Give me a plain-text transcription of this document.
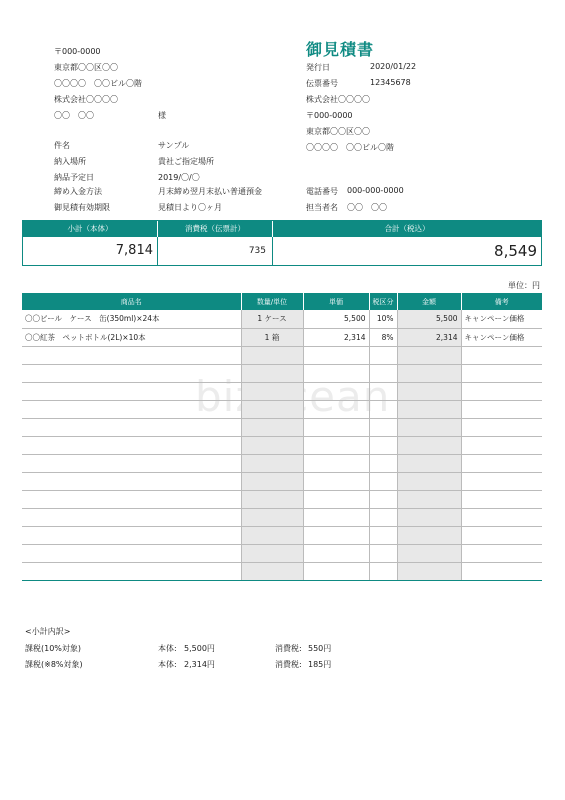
御見積書
〒000-0000
東京都〇〇区〇〇
〇〇〇〇　〇〇ビル〇階
株式会社〇〇〇〇
〇〇　〇〇	様
発行日	2020/01/22
伝票番号	12345678
株式会社〇〇〇〇
〒000-0000
東京都〇〇区〇〇
〇〇〇〇　〇〇ビル〇階
電話番号 000-000-0000
担当者名 〇〇　〇〇
件名	サンプル
納入場所	貴社ご指定場所
納品予定日	2019/〇/〇
締め入金方法	月末締め翌月末払い普通預金
御見積有効期限	見積日より〇ヶ月
小計（本体）	消費税（伝票計）	合計（税込）
7,814	735	8,549
単位：円
商品名	数量/単位	単価	税区分	金額	備考
〇〇ビール　ケース　缶(350ml)×24本	1 ケース	5,500	10%	5,500	キャンペーン価格
〇〇紅茶　ペットボトル(2L)×10本	1 箱	2,314	8%	2,314	キャンペーン価格

<小計内訳>
課税(10%対象)	本体: 5,500円	消費税: 550円
課税(※8%対象)	本体: 2,314円	消費税: 185円
